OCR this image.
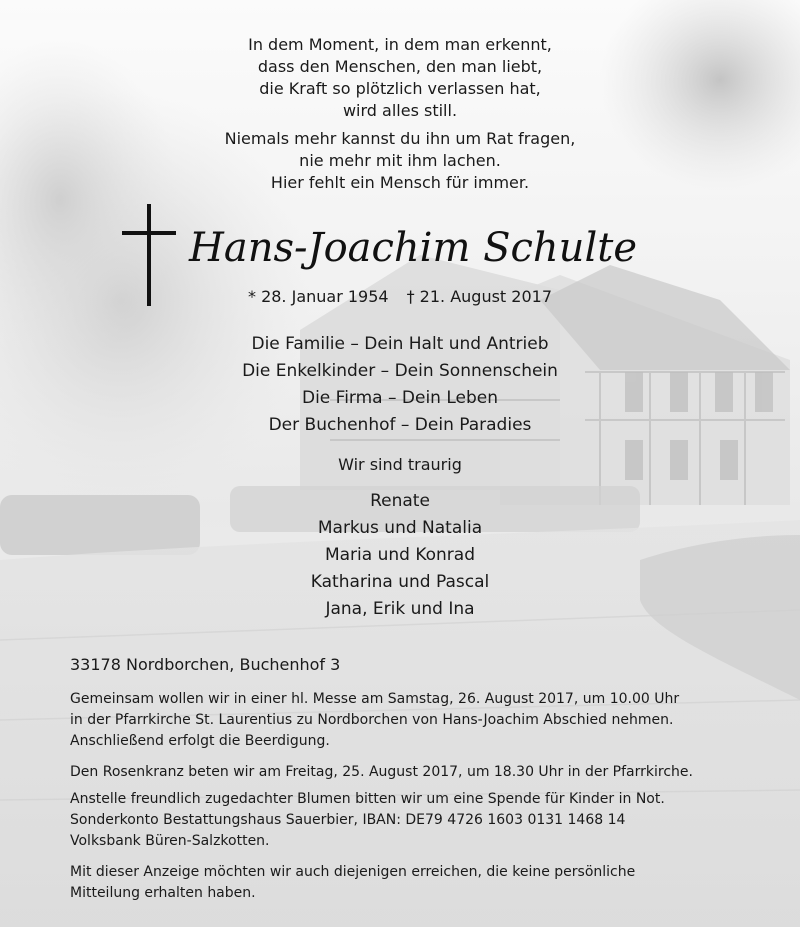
In dem Moment, in dem man erkennt,
dass den Menschen, den man liebt,
die Kraft so plötzlich verlassen hat,
wird alles still.
Niemals mehr kannst du ihn um Rat fragen,
nie mehr mit ihm lachen.
Hier fehlt ein Mensch für immer.
Hans-Joachim Schulte
* 28. Januar 1954 † 21. August 2017
Die Familie – Dein Halt und Antrieb
Die Enkelkinder – Dein Sonnenschein
Die Firma – Dein Leben
Der Buchenhof – Dein Paradies
Wir sind traurig
Renate
Markus und Natalia
Maria und Konrad
Katharina und Pascal
Jana, Erik und Ina
33178 Nordborchen, Buchenhof 3
Gemeinsam wollen wir in einer hl. Messe am Samstag, 26. August 2017, um 10.00 Uhr
in der Pfarrkirche St. Laurentius zu Nordborchen von Hans-Joachim Abschied nehmen.
Anschließend erfolgt die Beerdigung.
Den Rosenkranz beten wir am Freitag, 25. August 2017, um 18.30 Uhr in der Pfarrkirche.
Anstelle freundlich zugedachter Blumen bitten wir um eine Spende für Kinder in Not.
Sonderkonto Bestattungshaus Sauerbier, IBAN: DE79 4726 1603 0131 1468 14
Volksbank Büren-Salzkotten.
Mit dieser Anzeige möchten wir auch diejenigen erreichen, die keine persönliche
Mitteilung erhalten haben.
